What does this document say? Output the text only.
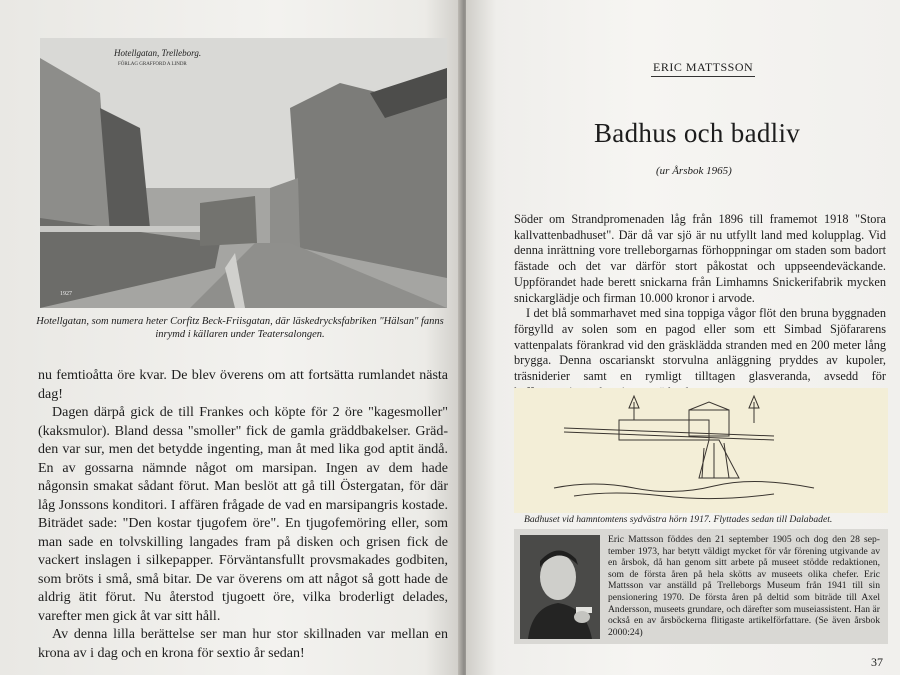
Hotellgatan, Trelleborg.
FÖRLAG GRAFFORD A LINDR
1927
Hotellgatan, som numera heter Corfitz Beck-Friisgatan, där läskedrycksfabriken "Hälsan" fanns inrymd i källaren under Teatersalongen.

nu femtioåtta öre kvar. De blev överens om att fortsätta rumlandet nästa dag!

Dagen därpå gick de till Frankes och köpte för 2 öre "kagesmoller" (kaksmulor). Bland dessa "smoller" fick de gamla gräddbakelser. Grädden var sur, men det betydde ingenting, man åt med lika god aptit ändå. En av gossarna nämnde något om marsipan. Ingen av dem hade någonsin smakat sådant förut. Man beslöt att gå till Östergatan, för där låg Jonssons konditori. I affären frågade de vad en marsipangris kostade. Biträdet sade: "Den kostar tjugofem öre". En tjugofemöring eller, som man sade en tolvskilling langades fram på disken och grisen fick de vackert inslagen i silkepapper. Förväntansfullt provsmakades godbiten, som bröts i små, små bitar. De var överens om att något så gott hade de aldrig ätit förut. Nu återstod tjugoett öre, vilka broderligt delades, varefter men gick åt var sitt håll.

Av denna lilla berättelse ser man hur stor skillnaden var mellan en krona av i dag och en krona för sextio år sedan!

ERIC MATTSSON
Badhus och badliv
(ur Årsbok 1965)

Söder om Strandpromenaden låg från 1896 till framemot 1918 "Stora kallvattenbadhuset". Där då var sjö är nu utfyllt land med kolupplag. Vid denna inrättning vore trelleborgarnas förhoppningar om staden som badort fästade och det var därför stort påkostat och uppseendeväckande. Uppförandet hade berett snickarna från Limhamns Snickerifabrik mycken snickarglädje och firman 10.000 kronor i arvode.

I det blå sommarhavet med sina toppiga vågor flöt den bruna byggnaden förgylld av solen som en pagod eller som ett Simbad Sjöfararens vattenpalats förankrad vid den gräsklädda stranden med en 200 meter lång brygga. Denna oscarianskt storvulna anläggning pryddes av kupoler, träsniderier samt en rymligt tilltagen glasveranda, avsedd för

Badhuset vid hamntomtens sydvästra hörn 1917. Flyttades sedan till Dalabadet.
Eric Mattsson föddes den 21 september 1905 och dog den 28 september 1973, har betytt väldigt mycket för vår förening utgivande av en årsbok, då han genom sitt arbete på museet stödde redaktionen, som de första åren på hela skötts av museets olika chefer. Eric Mattsson var anställd på Trelleborgs Museum från 1941 till sin pensionering 1970. De första åren på deltid som biträde till Axel Andersson, museets grundare, och därefter som museiassistent. Han är också en av årsböckerna flitigaste artikelförfattare. (Se även årsbok 2000:24)
37
